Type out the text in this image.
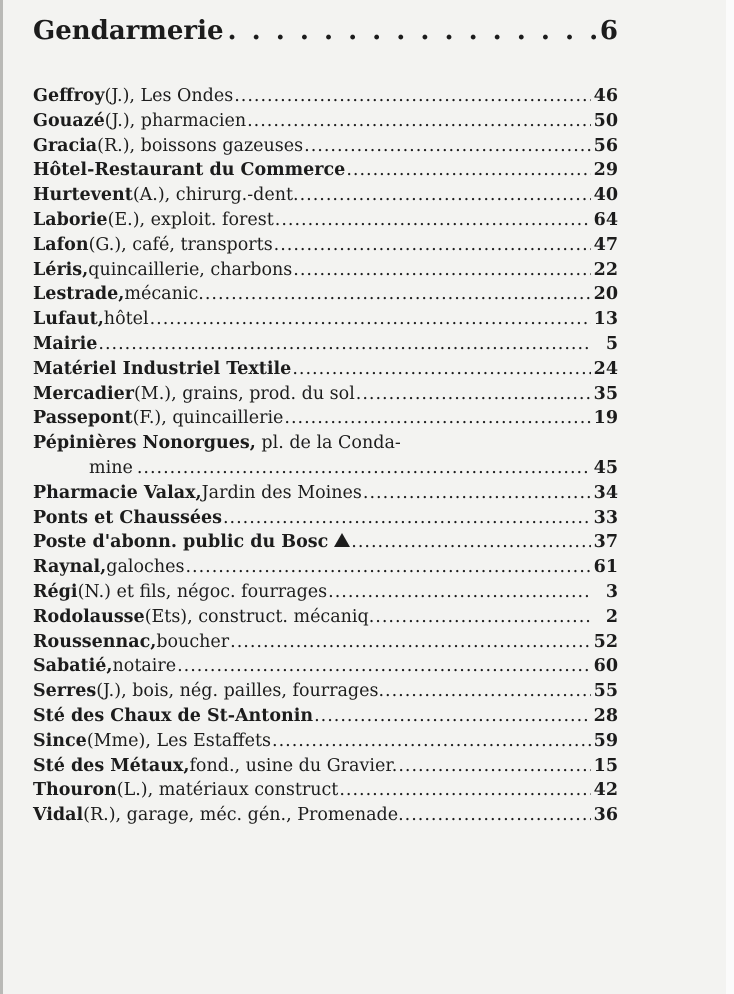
Gendarmerie . . .	6
Geffroy (J.), Les Ondes .....	46
Gouazé (J.), pharmacien .....	50
Gracia (R.), boissons gazeuses .....	56
Hôtel-Restaurant du Commerce .....	29
Hurtevent (A.), chirurg.-dent. .....	40
Laborie (E.), exploit. forest .....	64
Lafon (G.), café, transports .....	47
Léris, quincaillerie, charbons .....	22
Lestrade, mécanic. .....	20
Lufaut, hôtel .....	13
Mairie .....	5
Matériel Industriel Textile .....	24
Mercadier (M.), grains, prod. du sol .....	35
Passepont (F.), quincaillerie .....	19
Pépinières Nonorgues, pl. de la Conda-
mine .....	45
Pharmacie Valax, Jardin des Moines .....	34
Ponts et Chaussées .....	33
Poste d'abonn. public du Bosc .....	37
Raynal, galoches .....	61
Régi (N.) et fils, négoc. fourrages .....	3
Rodolausse (Ets), construct. mécaniq. .....	2
Roussennac, boucher .....	52
Sabatié, notaire .....	60
Serres (J.), bois, nég. pailles, fourrages. .....	55
Sté des Chaux de St-Antonin .....	28
Since (Mme), Les Estaffets .....	59
Sté des Métaux, fond., usine du Gravier. .....	15
Thouron (L.), matériaux construct .....	42
Vidal (R.), garage, méc. gén., Promenade. .....	36
